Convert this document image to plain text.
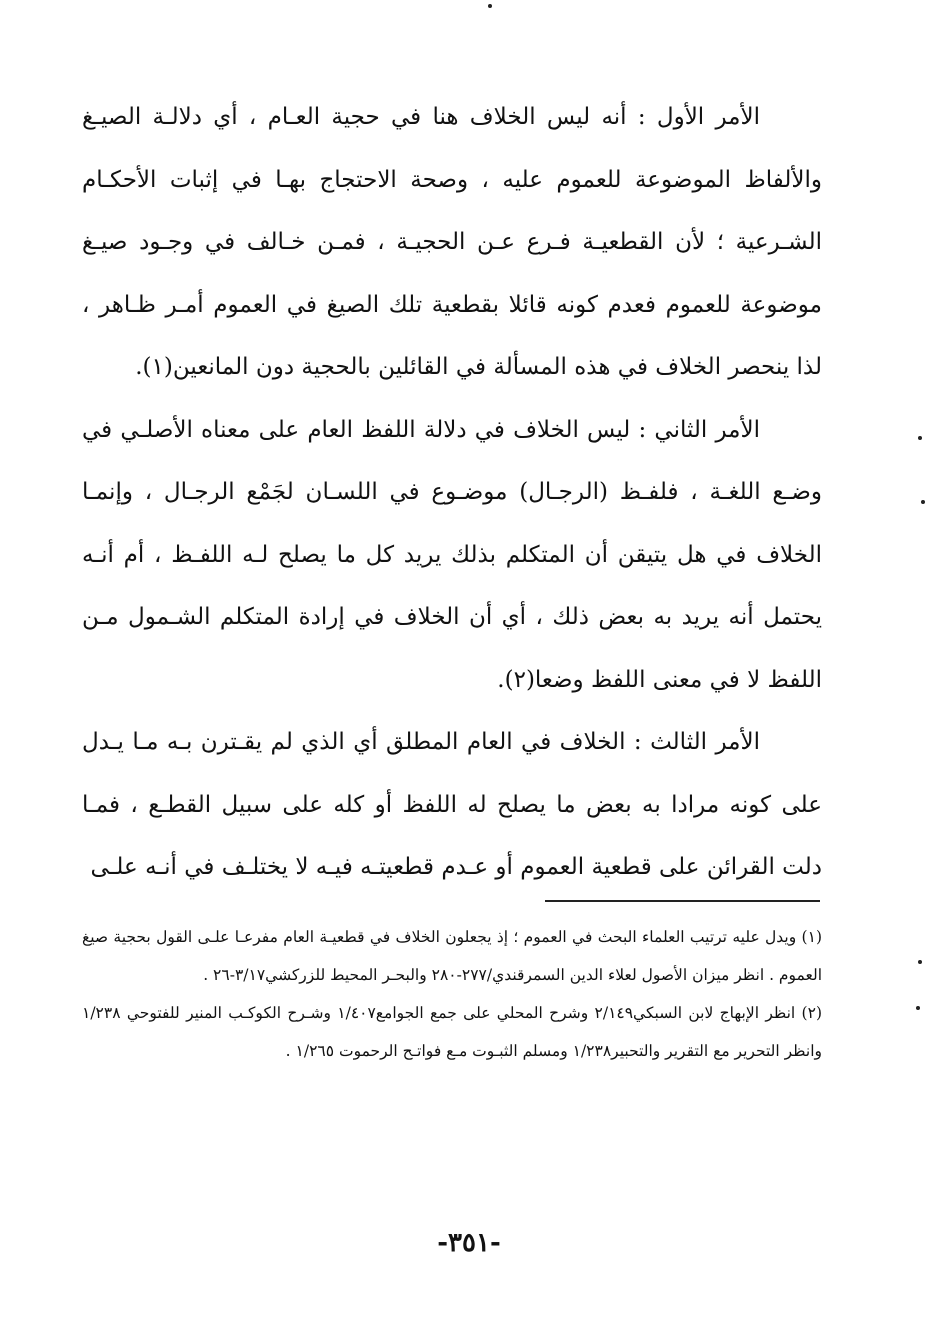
الأمر الأول : أنه ليس الخلاف هنا في حجية العـام ، أي دلالـة الصيـغ والألفاظ الموضوعة للعموم عليه ، وصحة الاحتجاج بهـا في إثبات الأحكـام الشـرعية ؛ لأن القطعيـة فـرع عـن الحجيـة ، فمـن خـالف في وجـود صيـغ موضوعة للعموم فعدم كونه قائلا بقطعية تلك الصيغ في العموم أمـر ظـاهر ، لذا ينحصر الخلاف في هذه المسألة في القائلين بالحجية دون المانعين(١).

الأمر الثاني : ليس الخلاف في دلالة اللفظ العام على معناه الأصلـي في وضـع اللغـة ، فلفـظ (الرجـال) موضـوع في اللسـان لجَمْع الرجـال ، وإنمـا الخلاف في هل يتيقن أن المتكلم بذلك يريد كل ما يصلح لـه اللفـظ ، أم أنـه يحتمل أنه يريد به بعض ذلك ، أي أن الخلاف في إرادة المتكلم الشـمول مـن اللفظ لا في معنى اللفظ وضعا(٢).

الأمر الثالث : الخلاف في العام المطلق أي الذي لم يقـترن بـه مـا يـدل على كونه مرادا به بعض ما يصلح له اللفظ أو كله على سبيل القطـع ، فمـا دلت القرائن على قطعية العموم أو عـدم قطعيتـه فيـه لا يختلـف في أنـه علـى

(١) ويدل عليه ترتيب العلماء البحث في العموم ؛ إذ يجعلون الخلاف في قطعيـة العام مفرعـا علـى القول بحجية صيغ العموم . انظر ميزان الأصول لعلاء الدين السمرقندي/٢٧٧-٢٨٠ والبحـر المحيط للزركشي٣/١٧-٢٦ .

(٢) انظر الإبهاج لابن السبكي٢/١٤٩ وشرح المحلي على جمع الجوامع١/٤٠٧ وشـرح الكوكـب المنير للفتوحي ١/٢٣٨ وانظر التحرير مع التقرير والتحبير١/٢٣٨ ومسلم الثبـوت مـع فواتـح الرحموت ١/٢٦٥ .

-٣٥١-
